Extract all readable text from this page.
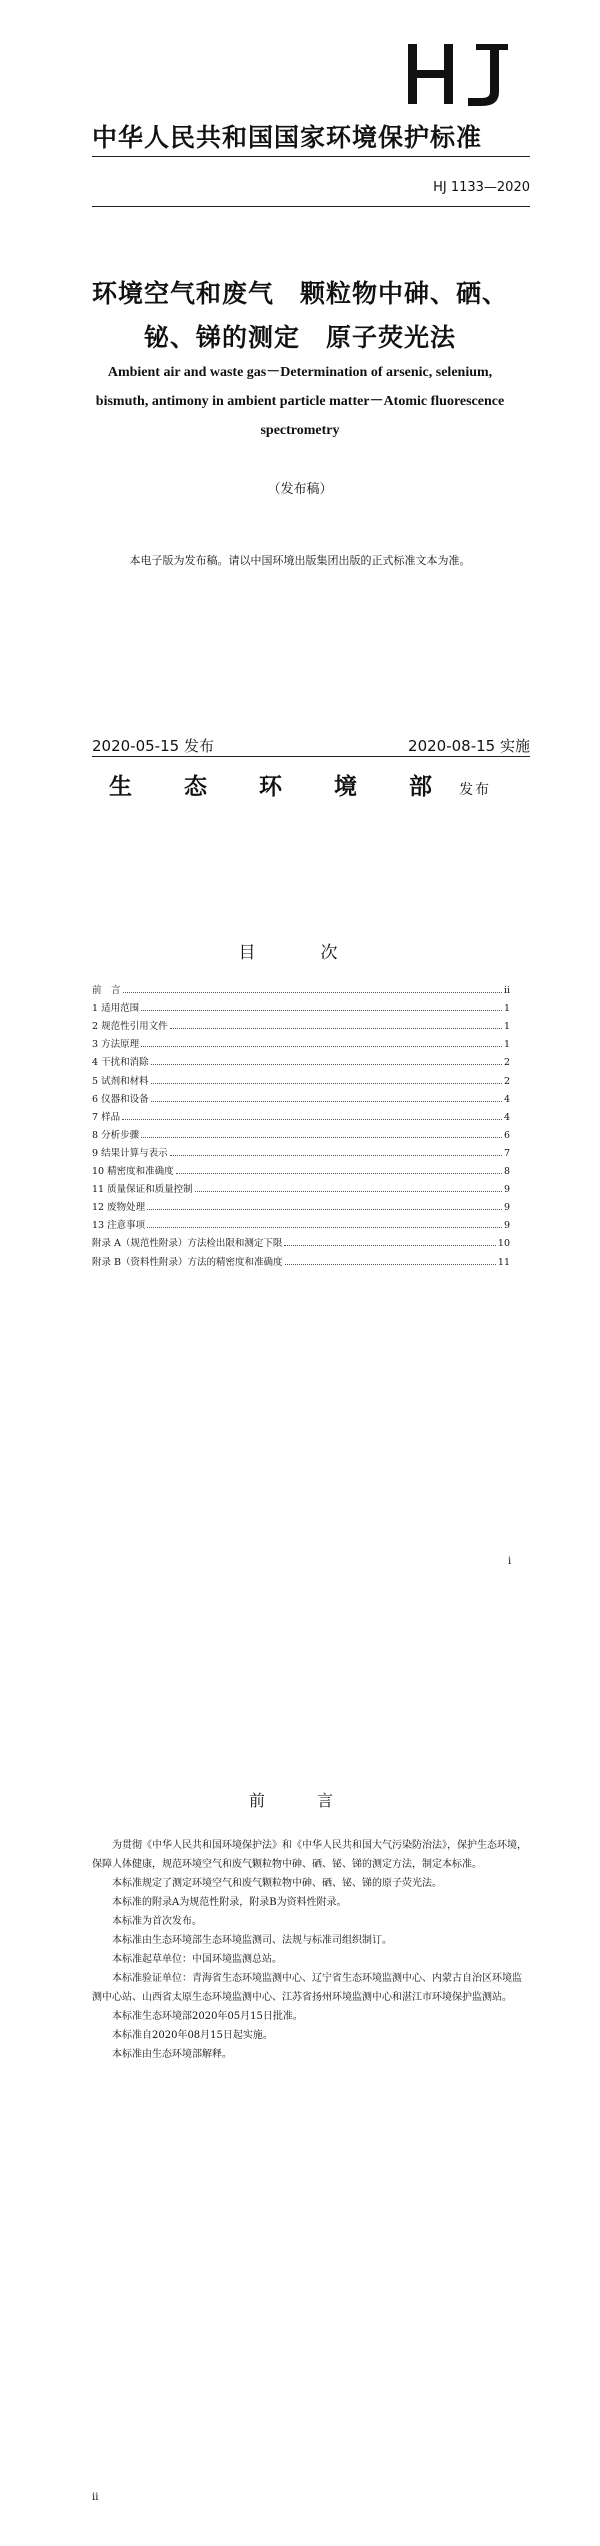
中华人民共和国国家环境保护标准
HJ 1133—2020
环境空气和废气　颗粒物中砷、硒、
铋、锑的测定　原子荧光法
Ambient air and waste gas－Determination of arsenic, selenium,
bismuth, antimony in ambient particle matter－Atomic fluorescence
spectrometry
（发布稿）
本电子版为发布稿。请以中国环境出版集团出版的正式标准文本为准。
2020-05-15 发布	2020-08-15 实施
生 态 环 境 部 发布
目　次
前　言	ii
1 适用范围	1
2 规范性引用文件	1
3 方法原理	1
4 干扰和消除	2
5 试剂和材料	2
6 仪器和设备	4
7 样品	4
8 分析步骤	6
9 结果计算与表示	7
10 精密度和准确度	8
11 质量保证和质量控制	9
12 废物处理	9
13 注意事项	9
附录 A（规范性附录）方法检出限和测定下限	10
附录 B（资料性附录）方法的精密度和准确度	11
i
前　言

为贯彻《中华人民共和国环境保护法》和《中华人民共和国大气污染防治法》，保护生态环境，保障人体健康，规范环境空气和废气颗粒物中砷、硒、铋、锑的测定方法，制定本标准。

本标准规定了测定环境空气和废气颗粒物中砷、硒、铋、锑的原子荧光法。

本标准的附录A为规范性附录，附录B为资料性附录。

本标准为首次发布。

本标准由生态环境部生态环境监测司、法规与标准司组织制订。

本标准起草单位：中国环境监测总站。

本标准验证单位：青海省生态环境监测中心、辽宁省生态环境监测中心、内蒙古自治区环境监测中心站、山西省太原生态环境监测中心、江苏省扬州环境监测中心和湛江市环境保护监测站。

本标准生态环境部2020年05月15日批准。

本标准自2020年08月15日起实施。

本标准由生态环境部解释。

ii
